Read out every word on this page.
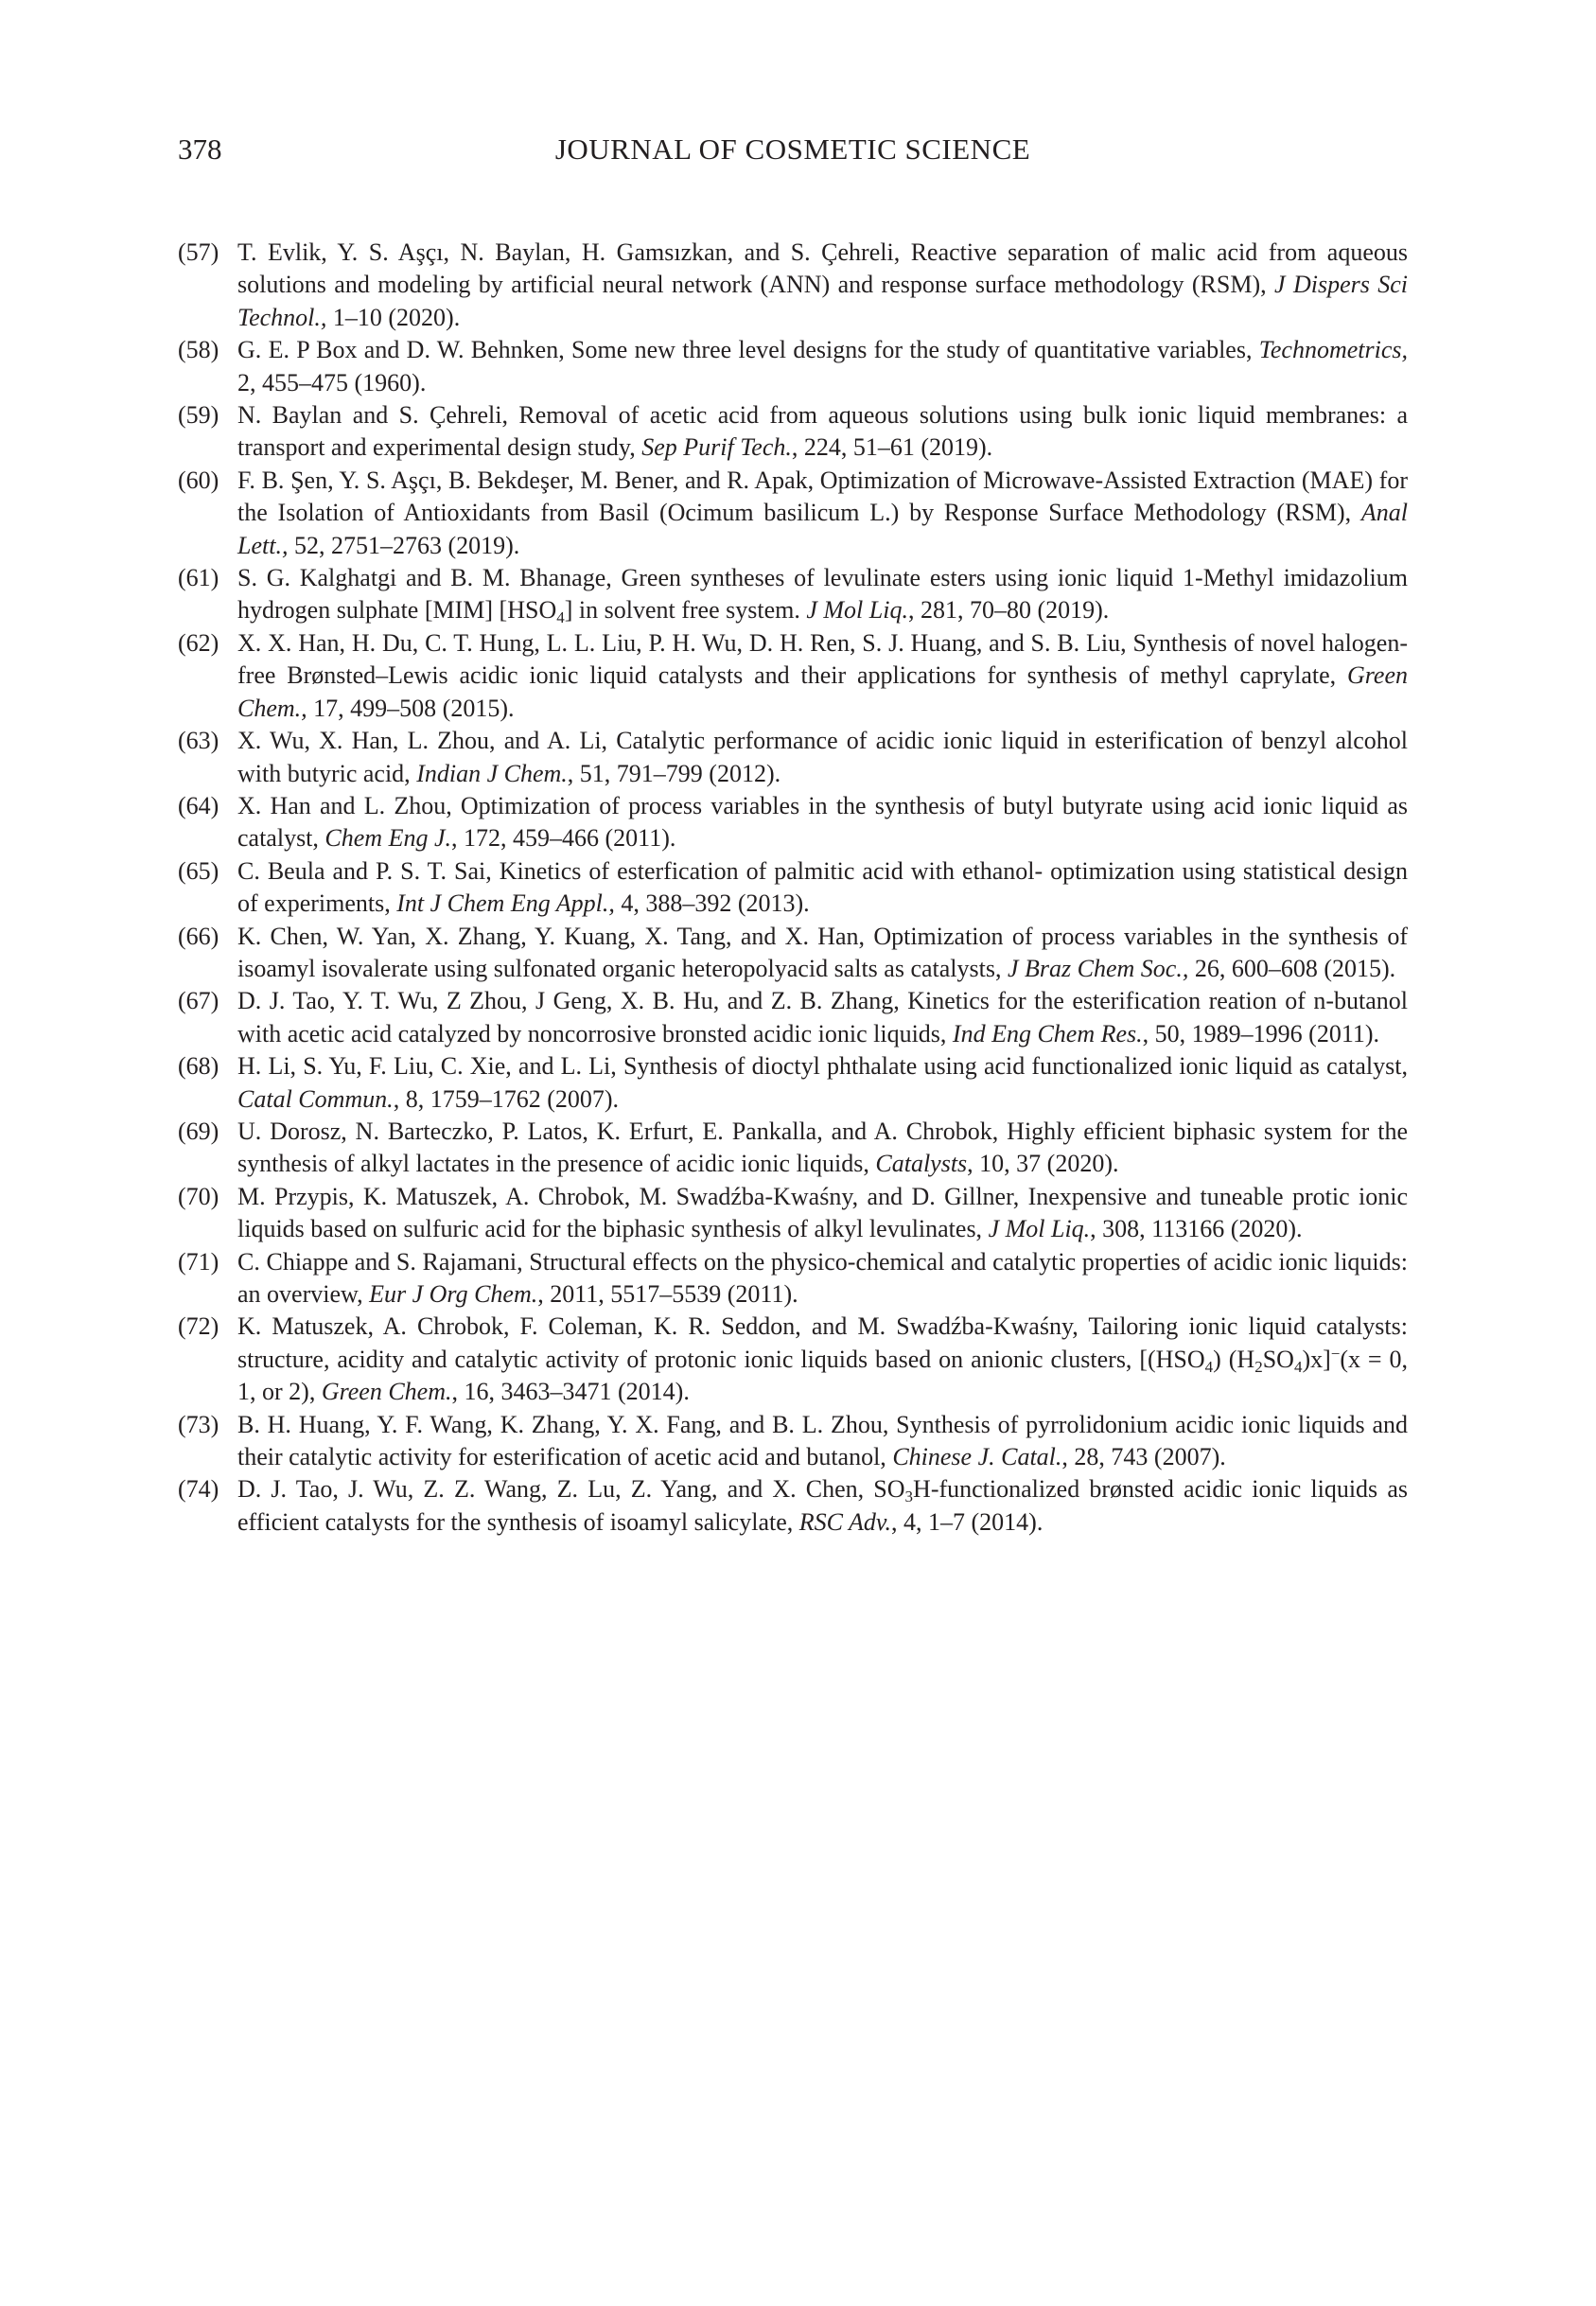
378	JOURNAL OF COSMETIC SCIENCE
(57) T. Evlik, Y. S. Aşçı, N. Baylan, H. Gamsızkan, and S. Çehreli, Reactive separation of malic acid from aqueous solutions and modeling by artificial neural network (ANN) and response surface methodology (RSM), J Dispers Sci Technol., 1–10 (2020).
(58) G. E. P Box and D. W. Behnken, Some new three level designs for the study of quantitative variables, Technometrics, 2, 455–475 (1960).
(59) N. Baylan and S. Çehreli, Removal of acetic acid from aqueous solutions using bulk ionic liquid membranes: a transport and experimental design study, Sep Purif Tech., 224, 51–61 (2019).
(60) F. B. Şen, Y. S. Aşçı, B. Bekdeşer, M. Bener, and R. Apak, Optimization of Microwave-Assisted Extraction (MAE) for the Isolation of Antioxidants from Basil (Ocimum basilicum L.) by Response Surface Methodology (RSM), Anal Lett., 52, 2751–2763 (2019).
(61) S. G. Kalghatgi and B. M. Bhanage, Green syntheses of levulinate esters using ionic liquid 1-Methyl imidazolium hydrogen sulphate [MIM] $[HSO_4]$ in solvent free system. J Mol Liq., 281, 70–80 (2019).
(62) X. X. Han, H. Du, C. T. Hung, L. L. Liu, P. H. Wu, D. H. Ren, S. J. Huang, and S. B. Liu, Synthesis of novel halogen-free Brønsted–Lewis acidic ionic liquid catalysts and their applications for synthesis of methyl caprylate, Green Chem., 17, 499–508 (2015).
(63) X. Wu, X. Han, L. Zhou, and A. Li, Catalytic performance of acidic ionic liquid in esterification of benzyl alcohol with butyric acid, Indian J Chem., 51, 791–799 (2012).
(64) X. Han and L. Zhou, Optimization of process variables in the synthesis of butyl butyrate using acid ionic liquid as catalyst, Chem Eng J., 172, 459–466 (2011).
(65) C. Beula and P. S. T. Sai, Kinetics of esterfication of palmitic acid with ethanol- optimization using statistical design of experiments, Int J Chem Eng Appl., 4, 388–392 (2013).
(66) K. Chen, W. Yan, X. Zhang, Y. Kuang, X. Tang, and X. Han, Optimization of process variables in the synthesis of isoamyl isovalerate using sulfonated organic heteropolyacid salts as catalysts, J Braz Chem Soc., 26, 600–608 (2015).
(67) D. J. Tao, Y. T. Wu, Z Zhou, J Geng, X. B. Hu, and Z. B. Zhang, Kinetics for the esterification reation of n-butanol with acetic acid catalyzed by noncorrosive bronsted acidic ionic liquids, Ind Eng Chem Res., 50, 1989–1996 (2011).
(68) H. Li, S. Yu, F. Liu, C. Xie, and L. Li, Synthesis of dioctyl phthalate using acid functionalized ionic liquid as catalyst, Catal Commun., 8, 1759–1762 (2007).
(69) U. Dorosz, N. Barteczko, P. Latos, K. Erfurt, E. Pankalla, and A. Chrobok, Highly efficient biphasic system for the synthesis of alkyl lactates in the presence of acidic ionic liquids, Catalysts, 10, 37 (2020).
(70) M. Przypis, K. Matuszek, A. Chrobok, M. Swadźba-Kwaśny, and D. Gillner, Inexpensive and tuneable protic ionic liquids based on sulfuric acid for the biphasic synthesis of alkyl levulinates, J Mol Liq., 308, 113166 (2020).
(71) C. Chiappe and S. Rajamani, Structural effects on the physico-chemical and catalytic properties of acidic ionic liquids: an overview, Eur J Org Chem., 2011, 5517–5539 (2011).
(72) K. Matuszek, A. Chrobok, F. Coleman, K. R. Seddon, and M. Swadźba-Kwaśny, Tailoring ionic liquid catalysts: structure, acidity and catalytic activity of protonic ionic liquids based on anionic clusters, $[(HSO_4) (H_2SO_4)x]^-(x = 0$, 1, or 2), Green Chem., 16, 3463–3471 (2014).
(73) B. H. Huang, Y. F. Wang, K. Zhang, Y. X. Fang, and B. L. Zhou, Synthesis of pyrrolidonium acidic ionic liquids and their catalytic activity for esterification of acetic acid and butanol, Chinese J. Catal., 28, 743 (2007).
(74) D. J. Tao, J. Wu, Z. Z. Wang, Z. Lu, Z. Yang, and X. Chen, $SO_3H$-functionalized brønsted acidic ionic liquids as efficient catalysts for the synthesis of isoamyl salicylate, RSC Adv., 4, 1–7 (2014).
